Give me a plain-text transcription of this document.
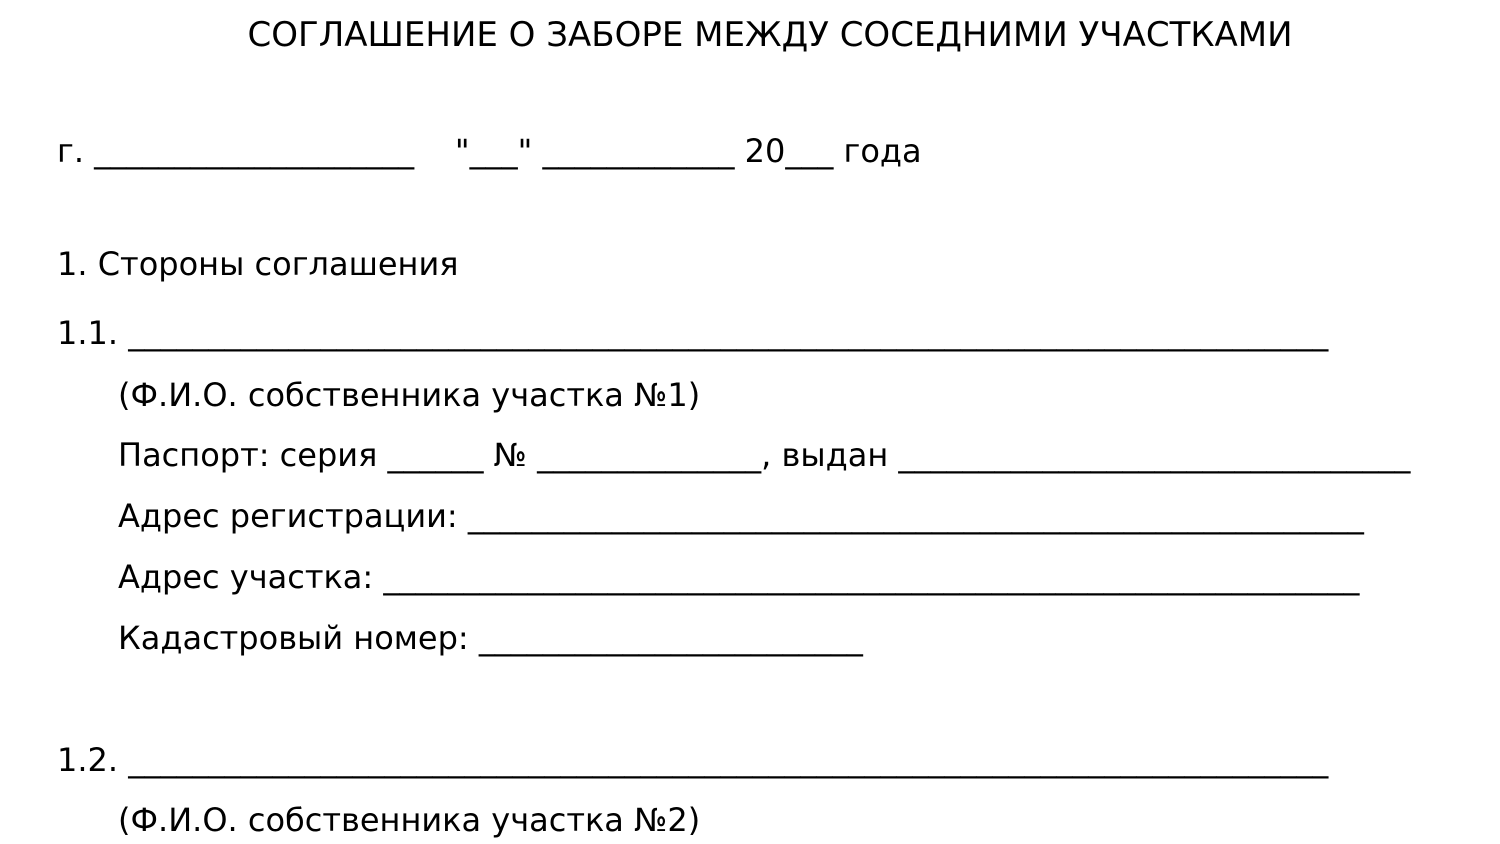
СОГЛАШЕНИЕ О ЗАБОРЕ МЕЖДУ СОСЕДНИМИ УЧАСТКАМИ
г. ____________________    "___" ____________ 20___ года
1. Стороны соглашения
1.1. ___________________________________________________________________________
(Ф.И.О. собственника участка №1)
Паспорт: серия ______ № ______________, выдан ________________________________
Адрес регистрации: ________________________________________________________
Адрес участка: _____________________________________________________________
Кадастровый номер: ________________________
1.2. ___________________________________________________________________________
(Ф.И.О. собственника участка №2)
